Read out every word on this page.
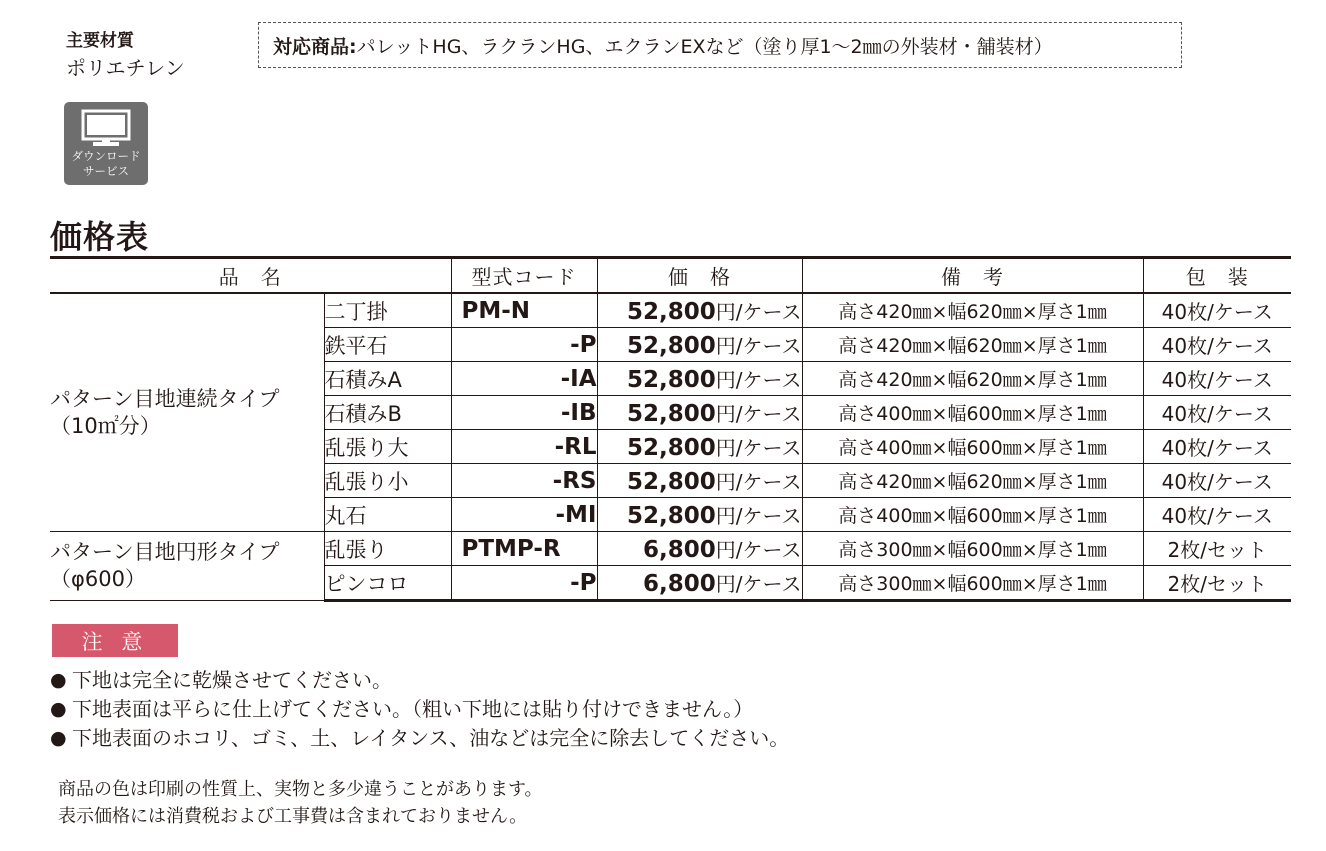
主要材質
ポリエチレン
対応商品: パレットHG、ラクランHG、エクランEXなど（塗り厚1〜2㎜の外装材・舗装材）
ダウンロード
サービス
価格表
品　名		型式コード	価　格	備　考	包　装

パターン目地連続タイプ
（10㎡分）	二丁掛	PM-N	52,800円/ケース	高さ420㎜×幅620㎜×厚さ1㎜	40枚/ケース
	鉄平石	-P	52,800円/ケース	高さ420㎜×幅620㎜×厚さ1㎜	40枚/ケース
	石積みA	-IA	52,800円/ケース	高さ420㎜×幅620㎜×厚さ1㎜	40枚/ケース
	石積みB	-IB	52,800円/ケース	高さ400㎜×幅600㎜×厚さ1㎜	40枚/ケース
	乱張り大	-RL	52,800円/ケース	高さ400㎜×幅600㎜×厚さ1㎜	40枚/ケース
	乱張り小	-RS	52,800円/ケース	高さ420㎜×幅620㎜×厚さ1㎜	40枚/ケース
	丸石	-MI	52,800円/ケース	高さ400㎜×幅600㎜×厚さ1㎜	40枚/ケース

パターン目地円形タイプ
（φ600）	乱張り	PTMP-R	6,800円/ケース	高さ300㎜×幅600㎜×厚さ1㎜	2枚/セット
	ピンコロ	-P	6,800円/ケース	高さ300㎜×幅600㎜×厚さ1㎜	2枚/セット
注 意
● 下地は完全に乾燥させてください。
● 下地表面は平らに仕上げてください。（粗い下地には貼り付けできません。）
● 下地表面のホコリ、ゴミ、土、レイタンス、油などは完全に除去してください。
商品の色は印刷の性質上、実物と多少違うことがあります。
表示価格には消費税および工事費は含まれておりません。
